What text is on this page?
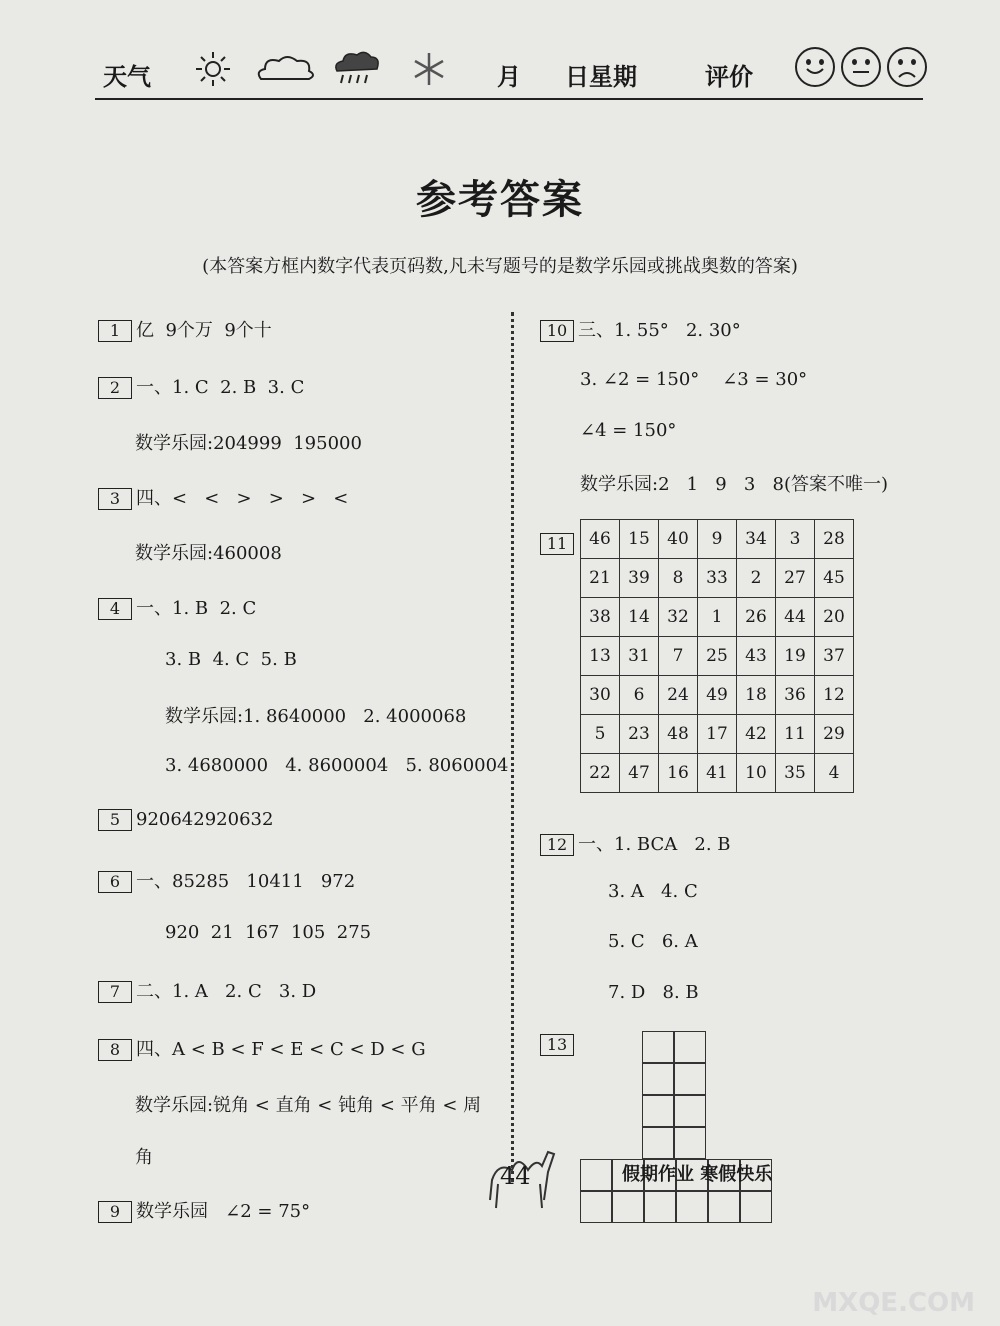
天气	月 日星期	评价
参考答案
(本答案方框内数字代表页码数,凡未写题号的是数学乐园或挑战奥数的答案)
1 亿  9个万  9个十
2 一、1. C  2. B  3. C
数学乐园:204999  195000
3 四、<   <   >   >   >   <
数学乐园:460008
4 一、1. B  2. C
3. B  4. C  5. B
数学乐园:1. 8640000   2. 4000068
3. 4680000   4. 8600004   5. 8060004
5 920642920632
6 一、85285   10411   972
920  21  167  105  275
7 二、1. A   2. C   3. D
8 四、A < B < F < E < C < D < G
数学乐园:锐角 < 直角 < 钝角 < 平角 < 周
角
9 数学乐园   ∠2 = 75°
10 三、1. 55°   2. 30°
3. ∠2 = 150°    ∠3 = 30°
∠4 = 150°
数学乐园:2   1   9   3   8(答案不唯一)
11	46	15	40	9	34	3	28
21	39	8	33	2	27	45
38	14	32	1	26	44	20
13	31	7	25	43	19	37
30	6	24	49	18	36	12
5	23	48	17	42	11	29
22	47	16	41	10	35	4
12 一、1. BCA   2. B
3. A   4. C
5. C   6. A
7. D   8. B
13
44	假期作业 寒假快乐
MXQE.COM
